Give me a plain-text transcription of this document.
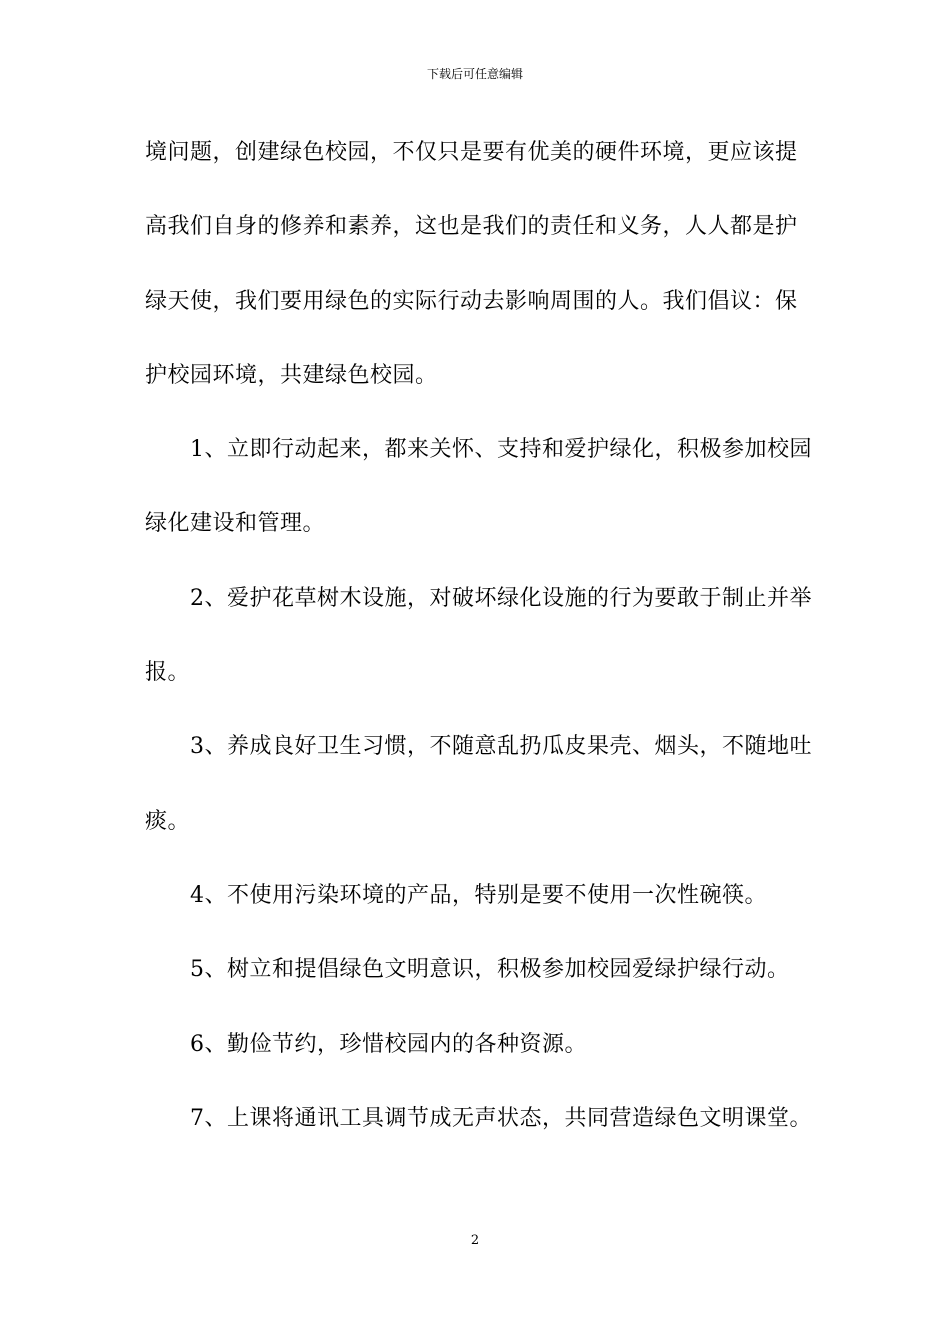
下载后可任意编辑
境问题，创建绿色校园，不仅只是要有优美的硬件环境，更应该提
高我们自身的修养和素养，这也是我们的责任和义务，人人都是护
绿天使，我们要用绿色的实际行动去影响周围的人。我们倡议：保
护校园环境，共建绿色校园。
1、立即行动起来，都来关怀、支持和爱护绿化，积极参加校园
绿化建设和管理。
2、爱护花草树木设施，对破坏绿化设施的行为要敢于制止并举
报。
3、养成良好卫生习惯，不随意乱扔瓜皮果壳、烟头，不随地吐
痰。
4、不使用污染环境的产品，特别是要不使用一次性碗筷。
5、树立和提倡绿色文明意识，积极参加校园爱绿护绿行动。
6、勤俭节约，珍惜校园内的各种资源。
7、上课将通讯工具调节成无声状态，共同营造绿色文明课堂。
2
